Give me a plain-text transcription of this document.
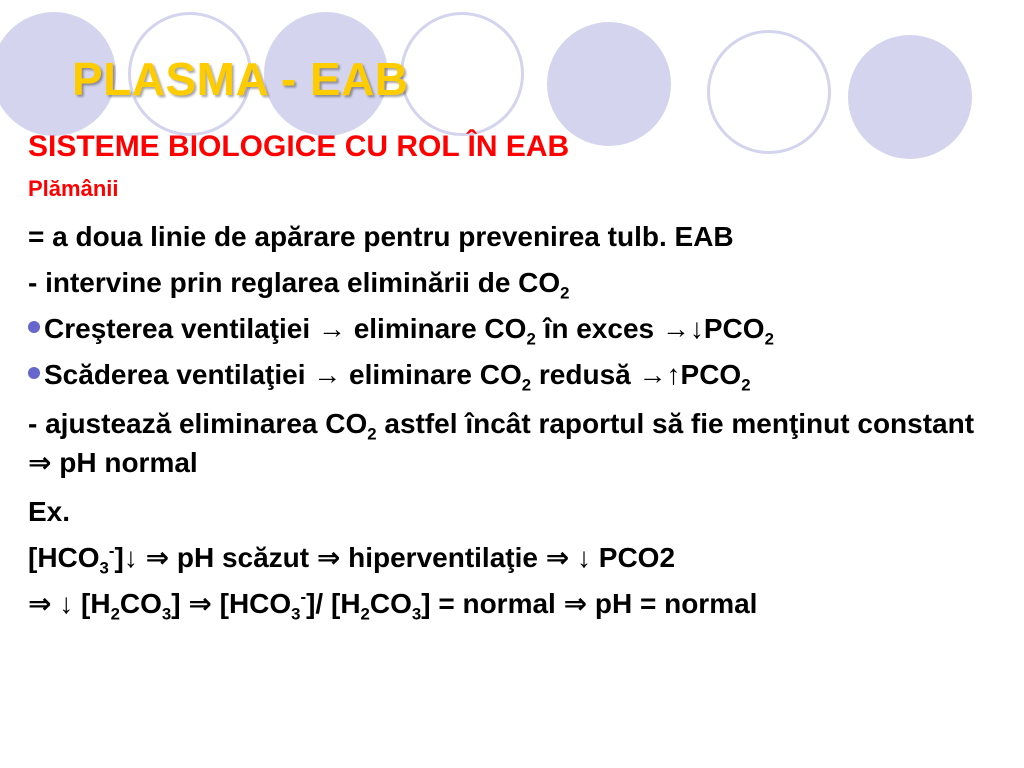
PLASMA - EAB

SISTEME BIOLOGICE CU ROL ÎN EAB

Plămânii

= a doua linie de apărare pentru prevenirea tulb. EAB

- intervine prin reglarea eliminării de $CO_2$

Creşterea ventilaţiei → eliminare $CO_2$ în exces $\to↓PCO_2$

Scăderea ventilaţiei → eliminare $CO_2$ redusă $\to↑PCO_2$

- ajustează eliminarea $CO_2$ astfel încât raportul să fie menţinut constant ⇒ pH normal

Ex.

$[HCO_3^-]↓$ ⇒ pH scăzut ⇒ hiperventilaţie ⇒ ↓ PCO2

⇒ ↓ $[H_2CO_3]$ ⇒ $[HCO_3^-]/$ $[H_2CO_3]$ = normal ⇒ pH = normal
